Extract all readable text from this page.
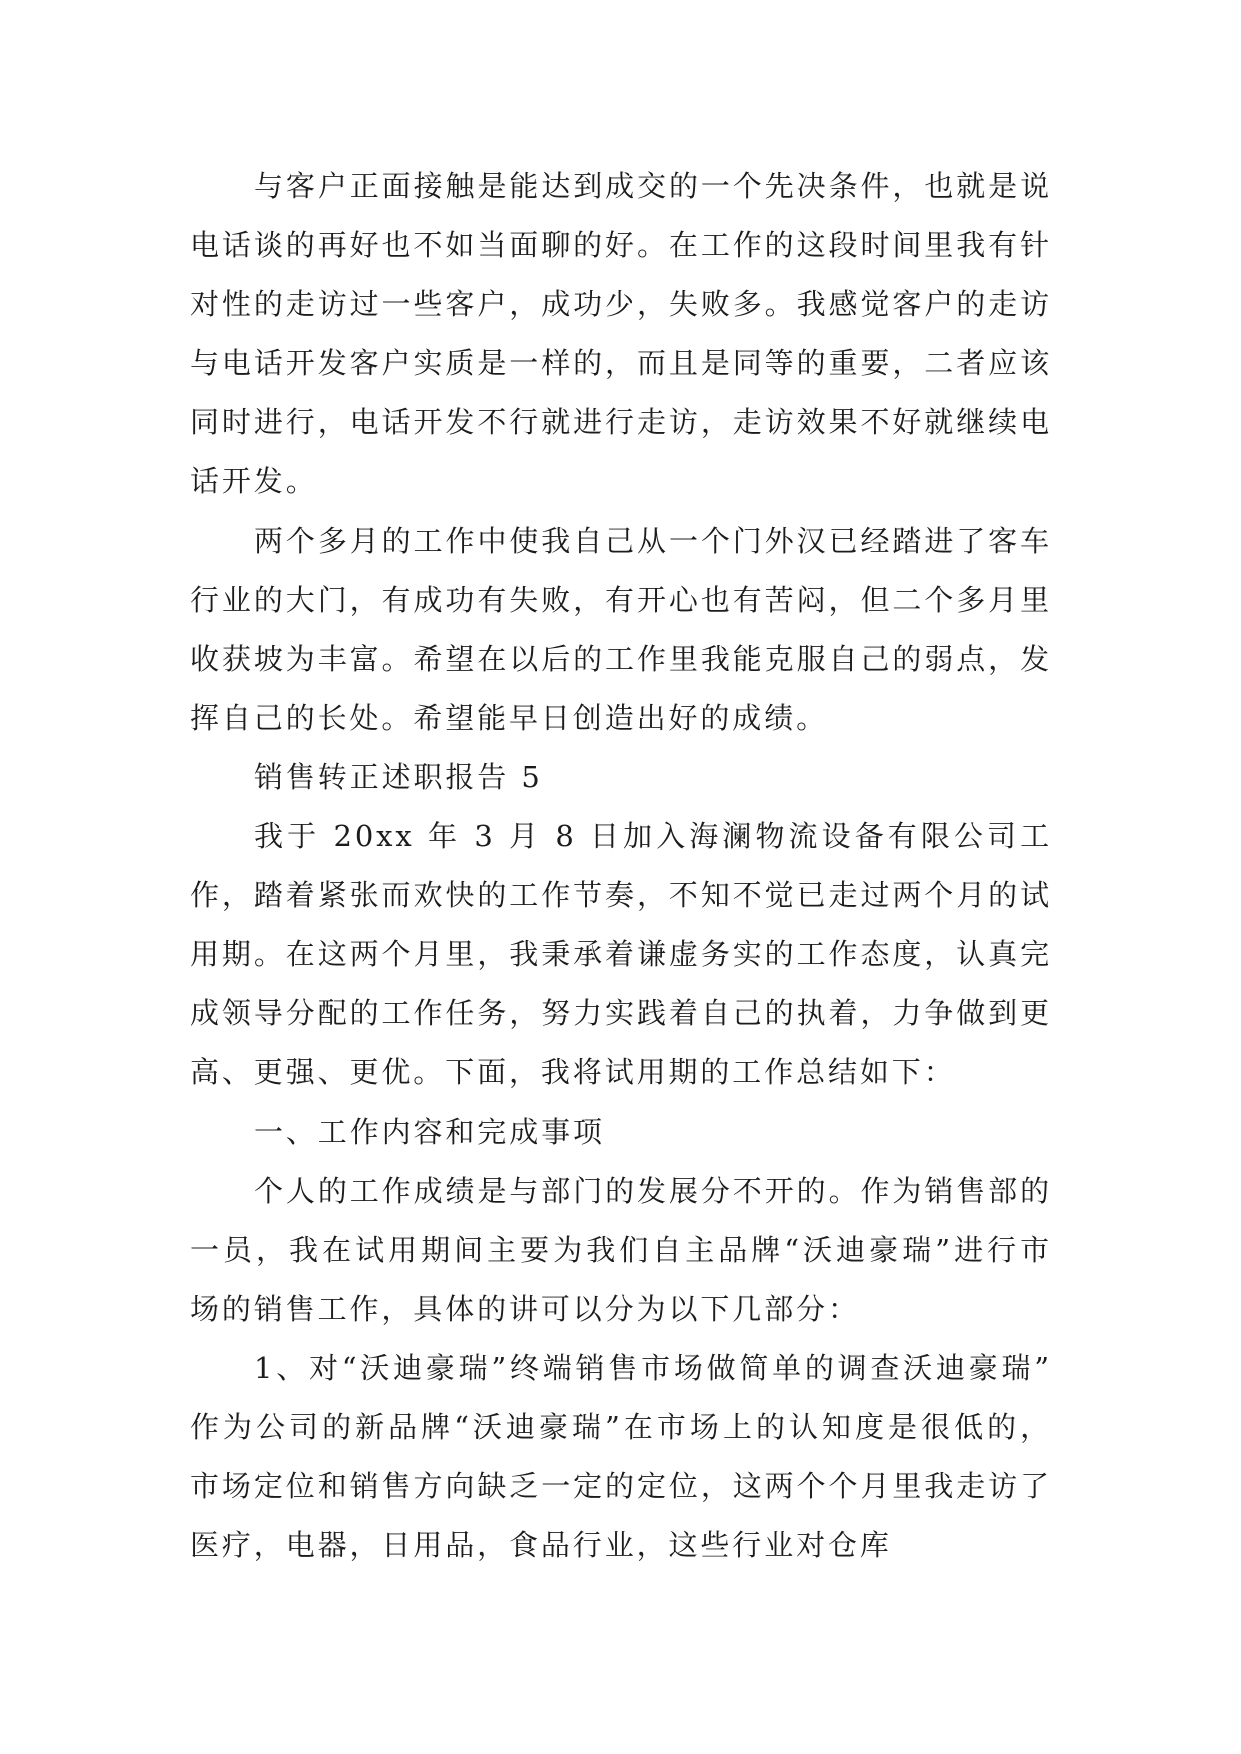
与客户正面接触是能达到成交的一个先决条件，也就是说电话谈的再好也不如当面聊的好。在工作的这段时间里我有针对性的走访过一些客户，成功少，失败多。我感觉客户的走访与电话开发客户实质是一样的，而且是同等的重要，二者应该同时进行，电话开发不行就进行走访，走访效果不好就继续电话开发。

两个多月的工作中使我自己从一个门外汉已经踏进了客车行业的大门，有成功有失败，有开心也有苦闷，但二个多月里收获坡为丰富。希望在以后的工作里我能克服自己的弱点，发挥自己的长处。希望能早日创造出好的成绩。

销售转正述职报告 5

我于 20xx 年 3 月 8 日加入海澜物流设备有限公司工作，踏着紧张而欢快的工作节奏，不知不觉已走过两个月的试用期。在这两个月里，我秉承着谦虚务实的工作态度，认真完成领导分配的工作任务，努力实践着自己的执着，力争做到更高、更强、更优。下面，我将试用期的工作总结如下：

一、工作内容和完成事项

个人的工作成绩是与部门的发展分不开的。作为销售部的一员，我在试用期间主要为我们自主品牌“沃迪豪瑞”进行市场的销售工作，具体的讲可以分为以下几部分：

1、对“沃迪豪瑞”终端销售市场做简单的调查沃迪豪瑞”作为公司的新品牌“沃迪豪瑞”在市场上的认知度是很低的，市场定位和销售方向缺乏一定的定位，这两个个月里我走访了医疗，电器，日用品，食品行业，这些行业对仓库
